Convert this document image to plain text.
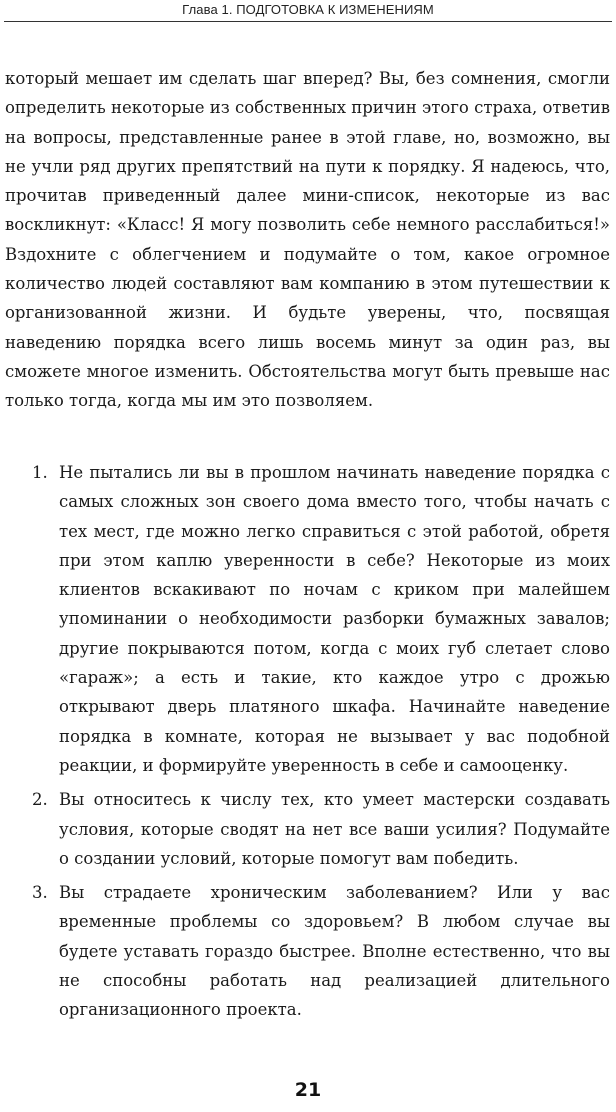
Глава 1. ПОДГОТОВКА К ИЗМЕНЕНИЯМ

который мешает им сделать шаг вперед? Вы, без сомнения, смогли определить некоторые из собственных причин этого страха, ответив на вопросы, представленные ранее в этой главе, но, возможно, вы не учли ряд других препятствий на пути к порядку. Я надеюсь, что, прочитав приведенный далее мини-список, некоторые из вас воскликнут: «Класс! Я могу позволить себе немного расслабиться!» Вздохните с облегчением и подумайте о том, какое огромное количество людей составляют вам компанию в этом путешествии к организованной жизни. И будьте уверены, что, посвящая наведению порядка всего лишь восемь минут за один раз, вы сможете многое изменить. Обстоятельства могут быть превыше нас только тогда, когда мы им это позволяем.

1. Не пытались ли вы в прошлом начинать наведение порядка с самых сложных зон своего дома вместо того, чтобы начать с тех мест, где можно легко справиться с этой работой, обретя при этом каплю уверенности в себе? Некоторые из моих клиентов вскакивают по ночам с криком при малейшем упоминании о необходимости разборки бумажных завалов; другие покрываются потом, когда с моих губ слетает слово «гараж»; а есть и такие, кто каждое утро с дрожью открывают дверь платяного шкафа. Начинайте наведение порядка в комнате, которая не вызывает у вас подобной реакции, и формируйте уверенность в себе и самооценку.
2. Вы относитесь к числу тех, кто умеет мастерски создавать условия, которые сводят на нет все ваши усилия? Подумайте о создании условий, которые помогут вам победить.
3. Вы страдаете хроническим заболеванием? Или у вас временные проблемы со здоровьем? В любом случае вы будете уставать гораздо быстрее. Вполне естественно, что вы не способны работать над реализацией длительного организационного проекта.
21
